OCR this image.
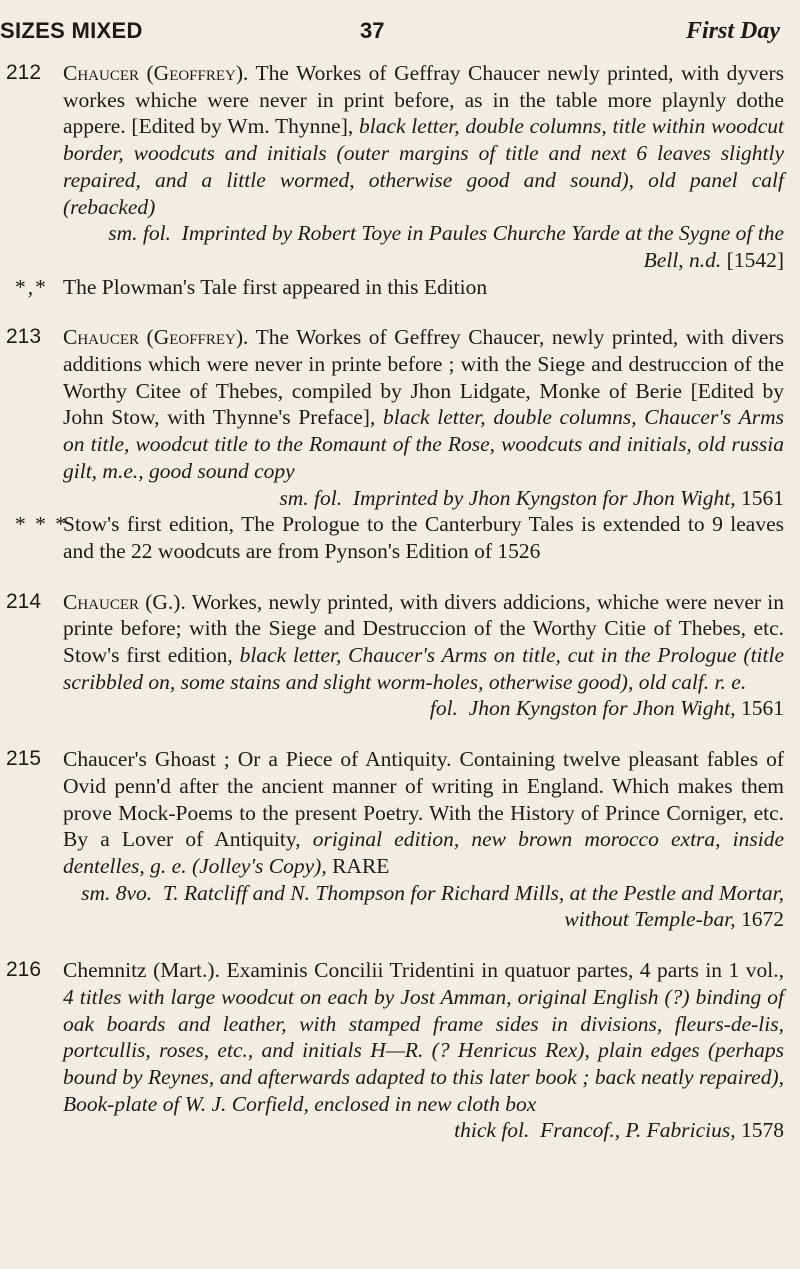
SIZES MIXED	37	First Day
212 Chaucer (Geoffrey). The Workes of Geffray Chaucer newly printed, with dyvers workes whiche were never in print before, as in the table more playnly dothe appere. [Edited by Wm. Thynne], black letter, double columns, title within woodcut border, woodcuts and initials (outer margins of title and next 6 leaves slightly repaired, and a little wormed, otherwise good and sound), old panel calf (rebacked)
sm. fol. Imprinted by Robert Toye in Paules Churche Yarde at the Sygne of the Bell, n.d. [1542]
*,* The Plowman's Tale first appeared in this Edition
213 Chaucer (Geoffrey). The Workes of Geffrey Chaucer, newly printed, with divers additions which were never in printe before ; with the Siege and destruccion of the Worthy Citee of Thebes, compiled by Jhon Lidgate, Monke of Berie [Edited by John Stow, with Thynne's Preface], black letter, double columns, Chaucer's Arms on title, woodcut title to the Romaunt of the Rose, woodcuts and initials, old russia gilt, m.e., good sound copy
sm. fol. Imprinted by Jhon Kyngston for Jhon Wight, 1561
* * *
Stow's first edition, The Prologue to the Canterbury Tales is extended to 9 leaves and the 22 woodcuts are from Pynson's Edition of 1526
214 Chaucer (G.). Workes, newly printed, with divers addicions, whiche were never in printe before; with the Siege and Destruccion of the Worthy Citie of Thebes, etc. Stow's first edition, black letter, Chaucer's Arms on title, cut in the Prologue (title scribbled on, some stains and slight worm-holes, otherwise good), old calf. r. e.
fol. Jhon Kyngston for Jhon Wight, 1561
215 Chaucer's Ghoast ; Or a Piece of Antiquity. Containing twelve pleasant fables of Ovid penn'd after the ancient manner of writing in England. Which makes them prove Mock-Poems to the present Poetry. With the History of Prince Corniger, etc. By a Lover of Antiquity, original edition, new brown morocco extra, inside dentelles, g. e. (Jolley's Copy), RARE
sm. 8vo. T. Ratcliff and N. Thompson for Richard Mills, at the Pestle and Mortar, without Temple-bar, 1672
216 Chemnitz (Mart.). Examinis Concilii Tridentini in quatuor partes, 4 parts in 1 vol., 4 titles with large woodcut on each by Jost Amman, original English (?) binding of oak boards and leather, with stamped frame sides in divisions, fleurs-de-lis, portcullis, roses, etc., and initials H—R. (? Henricus Rex), plain edges (perhaps bound by Reynes, and afterwards adapted to this later book ; back neatly repaired), Book-plate of W. J. Corfield, enclosed in new cloth box
thick fol. Francof., P. Fabricius, 1578
